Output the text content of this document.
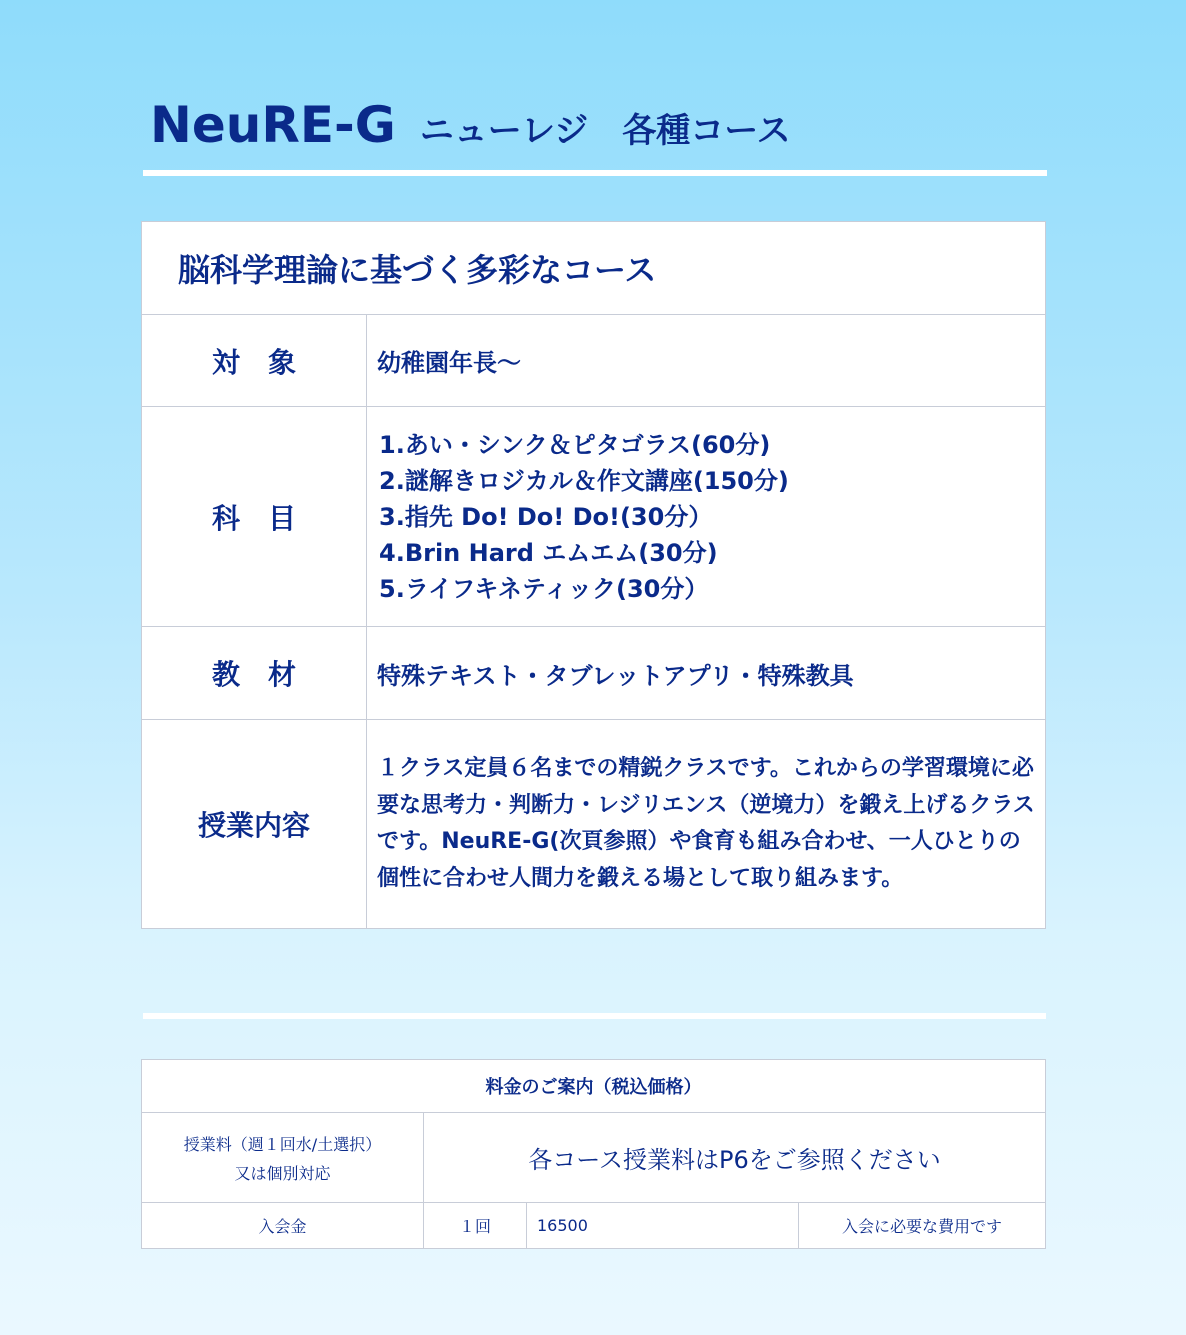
NeuRE-G ニューレジ　各種コース
脳科学理論に基づく多彩なコース	
対　象	幼稚園年長～
科　目	1.あい・シンク＆ピタゴラス(60分)
2.謎解きロジカル＆作文講座(150分)
3.指先 Do! Do! Do!(30分）
4.Brin Hard エムエム(30分)
5.ライフキネティック(30分）

教　材	特殊テキスト・タブレットアプリ・特殊教具
授業内容	１クラス定員６名までの精鋭クラスです。これからの学習環境に必要な思考力・判断力・レジリエンス（逆境力）を鍛え上げるクラスです。NeuRE-G(次頁参照）や食育も組み合わせ、一人ひとりの個性に合わせ人間力を鍛える場として取り組みます。
料金のご案内（税込価格）			

授業料（週１回水/土選択）
又は個別対応	各コース授業料はP6をご参照ください		
入会金	１回	16500	入会に必要な費用です
